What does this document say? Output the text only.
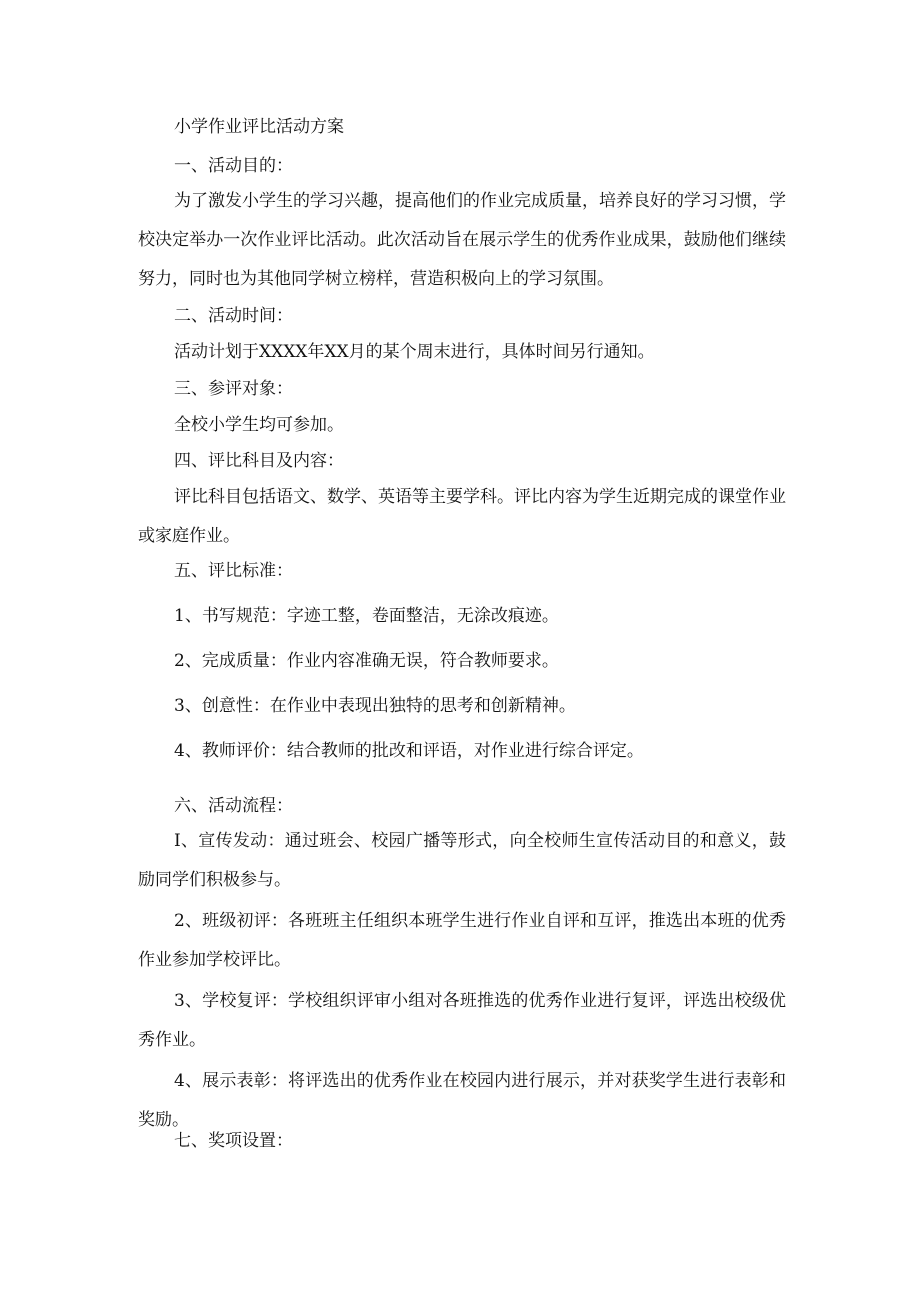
小学作业评比活动方案

一、活动目的：

为了激发小学生的学习兴趣，提高他们的作业完成质量，培养良好的学习习惯，学校决定举办一次作业评比活动。此次活动旨在展示学生的优秀作业成果，鼓励他们继续努力，同时也为其他同学树立榜样，营造积极向上的学习氛围。

二、活动时间：

活动计划于XXXX年XX月的某个周末进行，具体时间另行通知。

三、参评对象：

全校小学生均可参加。

四、评比科目及内容：

评比科目包括语文、数学、英语等主要学科。评比内容为学生近期完成的课堂作业或家庭作业。

五、评比标准：

1、书写规范：字迹工整，卷面整洁，无涂改痕迹。

2、完成质量：作业内容准确无误，符合教师要求。

3、创意性：在作业中表现出独特的思考和创新精神。

4、教师评价：结合教师的批改和评语，对作业进行综合评定。

六、活动流程：

I、宣传发动：通过班会、校园广播等形式，向全校师生宣传活动目的和意义，鼓励同学们积极参与。

2、班级初评：各班班主任组织本班学生进行作业自评和互评，推选出本班的优秀作业参加学校评比。

3、学校复评：学校组织评审小组对各班推选的优秀作业进行复评，评选出校级优秀作业。

4、展示表彰：将评选出的优秀作业在校园内进行展示，并对获奖学生进行表彰和奖励。

七、奖项设置：
